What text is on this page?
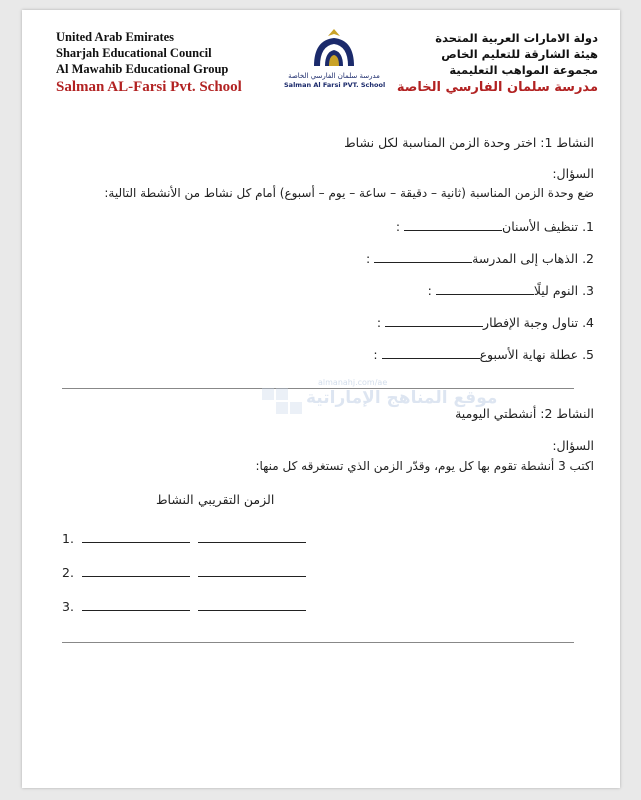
United Arab Emirates
Sharjah Educational Council
Al Mawahib Educational Group
Salman AL-Farsi Pvt. School
مدرسة سلمان الفارسي الخاصة
Salman Al Farsi PVT. School
دولة الامارات العربية المتحدة
هيئة الشارقة للتعليم الخاص
مجموعة المواهب التعليمية
مدرسة سلمان الفارسي الخاصة
النشاط 1: اختر وحدة الزمن المناسبة لكل نشاط
السؤال:
ضع وحدة الزمن المناسبة (ثانية – دقيقة – ساعة – يوم – أسبوع) أمام كل نشاط من الأنشطة التالية:
1. تنظيف الأسنان :
2. الذهاب إلى المدرسة :
3. النوم ليلًا :
4. تناول وجبة الإفطار :
5. عطلة نهاية الأسبوع :
almanahj.com/ae
موقع المناهج الإماراتية
النشاط 2: أنشطتي اليومية
السؤال:
اكتب 3 أنشطة تقوم بها كل يوم، وقدّر الزمن الذي تستغرقه كل منها:
الزمن التقريبي
النشاط
1.
2.
3.
